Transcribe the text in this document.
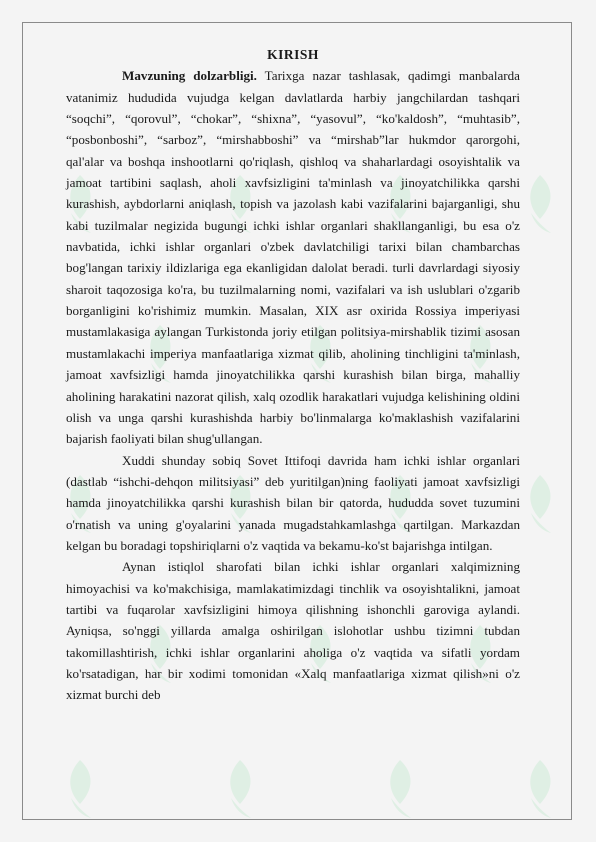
KIRISH

Mavzuning dolzarbligi. Tarixga nazar tashlasak, qadimgi manbalarda vatanimiz hududida vujudga kelgan davlatlarda harbiy jangchilardan tashqari “soqchi”, “qorovul”, “chokar”, “shixna”, “yasovul”, “ko'kaldosh”, “muhtasib”, “posbonboshi”, “sarboz”, “mirshabboshi” va “mirshab”lar hukmdor qarorgohi, qal'alar va boshqa inshootlarni qo'riqlash, qishloq va shaharlardagi osoyishtalik va jamoat tartibini saqlash, aholi xavfsizligini ta'minlash va jinoyatchilikka qarshi kurashish, aybdorlarni aniqlash, topish va jazolash kabi vazifalarini bajarganligi, shu kabi tuzilmalar negizida bugungi ichki ishlar organlari shakllanganligi, bu esa o'z navbatida, ichki ishlar organlari o'zbek davlatchiligi tarixi bilan chambarchas bog'langan tarixiy ildizlariga ega ekanligidan dalolat beradi. turli davrlardagi siyosiy sharoit taqozosiga ko'ra, bu tuzilmalarning nomi, vazifalari va ish uslublari o'zgarib borganligini ko'rishimiz mumkin. Masalan, XIX asr oxirida Rossiya imperiyasi mustamlakasiga aylangan Turkistonda joriy etilgan politsiya-mirshablik tizimi asosan mustamlakachi imperiya manfaatlariga xizmat qilib, aholining tinchligini ta'minlash, jamoat xavfsizligi hamda jinoyatchilikka qarshi kurashish bilan birga, mahalliy aholining harakatini nazorat qilish, xalq ozodlik harakatlari vujudga kelishining oldini olish va unga qarshi kurashishda harbiy bo'linmalarga ko'maklashish vazifalarini bajarish faoliyati bilan shug'ullangan.

Xuddi shunday sobiq Sovet Ittifoqi davrida ham ichki ishlar organlari (dastlab “ishchi-dehqon militsiyasi” deb yuritilgan)ning faoliyati jamoat xavfsizligi hamda jinoyatchilikka qarshi kurashish bilan bir qatorda, hududda sovet tuzumini o'rnatish va uning g'oyalarini yanada mugadstahkamlashga qartilgan. Markazdan kelgan bu boradagi topshiriqlarni o'z vaqtida va bekamu-ko'st bajarishga intilgan.

Aynan istiqlol sharofati bilan ichki ishlar organlari xalqimizning himoyachisi va ko'makchisiga, mamlakatimizdagi tinchlik va osoyishtalikni, jamoat tartibi va fuqarolar xavfsizligini himoya qilishning ishonchli garoviga aylandi. Ayniqsa, so'nggi yillarda amalga oshirilgan islohotlar ushbu tizimni tubdan takomillashtirish, ichki ishlar organlarini aholiga o'z vaqtida va sifatli yordam ko'rsatadigan, har bir xodimi tomonidan «Xalq manfaatlariga xizmat qilish»ni o'z xizmat burchi deb
